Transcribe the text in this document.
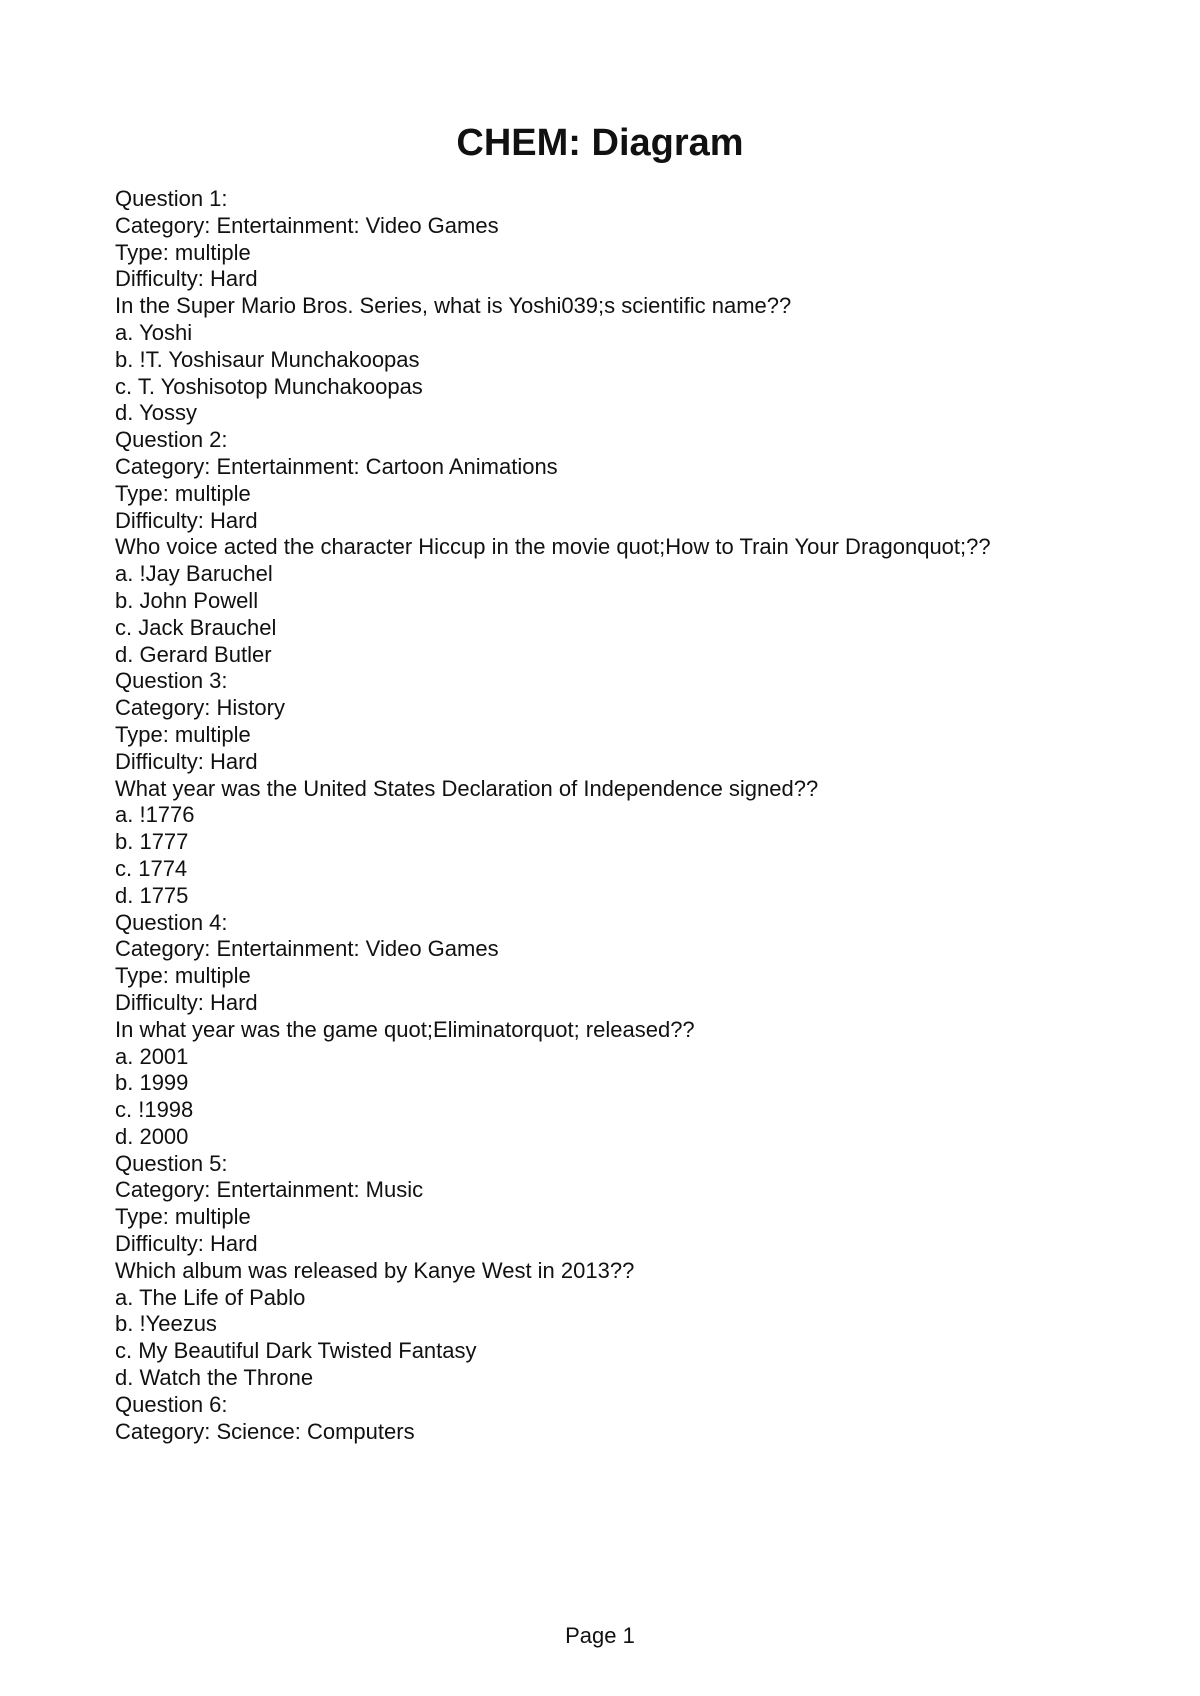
CHEM: Diagram
Question 1:
Category: Entertainment: Video Games
Type: multiple
Difficulty: Hard
In the Super Mario Bros. Series, what is Yoshi039;s scientific name??
a. Yoshi
b. !T. Yoshisaur Munchakoopas
c. T. Yoshisotop Munchakoopas
d. Yossy
Question 2:
Category: Entertainment: Cartoon Animations
Type: multiple
Difficulty: Hard
Who voice acted the character Hiccup in the movie quot;How to Train Your Dragonquot;??
a. !Jay Baruchel
b. John Powell
c. Jack Brauchel
d. Gerard Butler
Question 3:
Category: History
Type: multiple
Difficulty: Hard
What year was the United States Declaration of Independence signed??
a. !1776
b. 1777
c. 1774
d. 1775
Question 4:
Category: Entertainment: Video Games
Type: multiple
Difficulty: Hard
In what year was the game quot;Eliminatorquot; released??
a. 2001
b. 1999
c. !1998
d. 2000
Question 5:
Category: Entertainment: Music
Type: multiple
Difficulty: Hard
Which album was released by Kanye West in 2013??
a. The Life of Pablo
b. !Yeezus
c. My Beautiful Dark Twisted Fantasy
d. Watch the Throne
Question 6:
Category: Science: Computers
Page 1
